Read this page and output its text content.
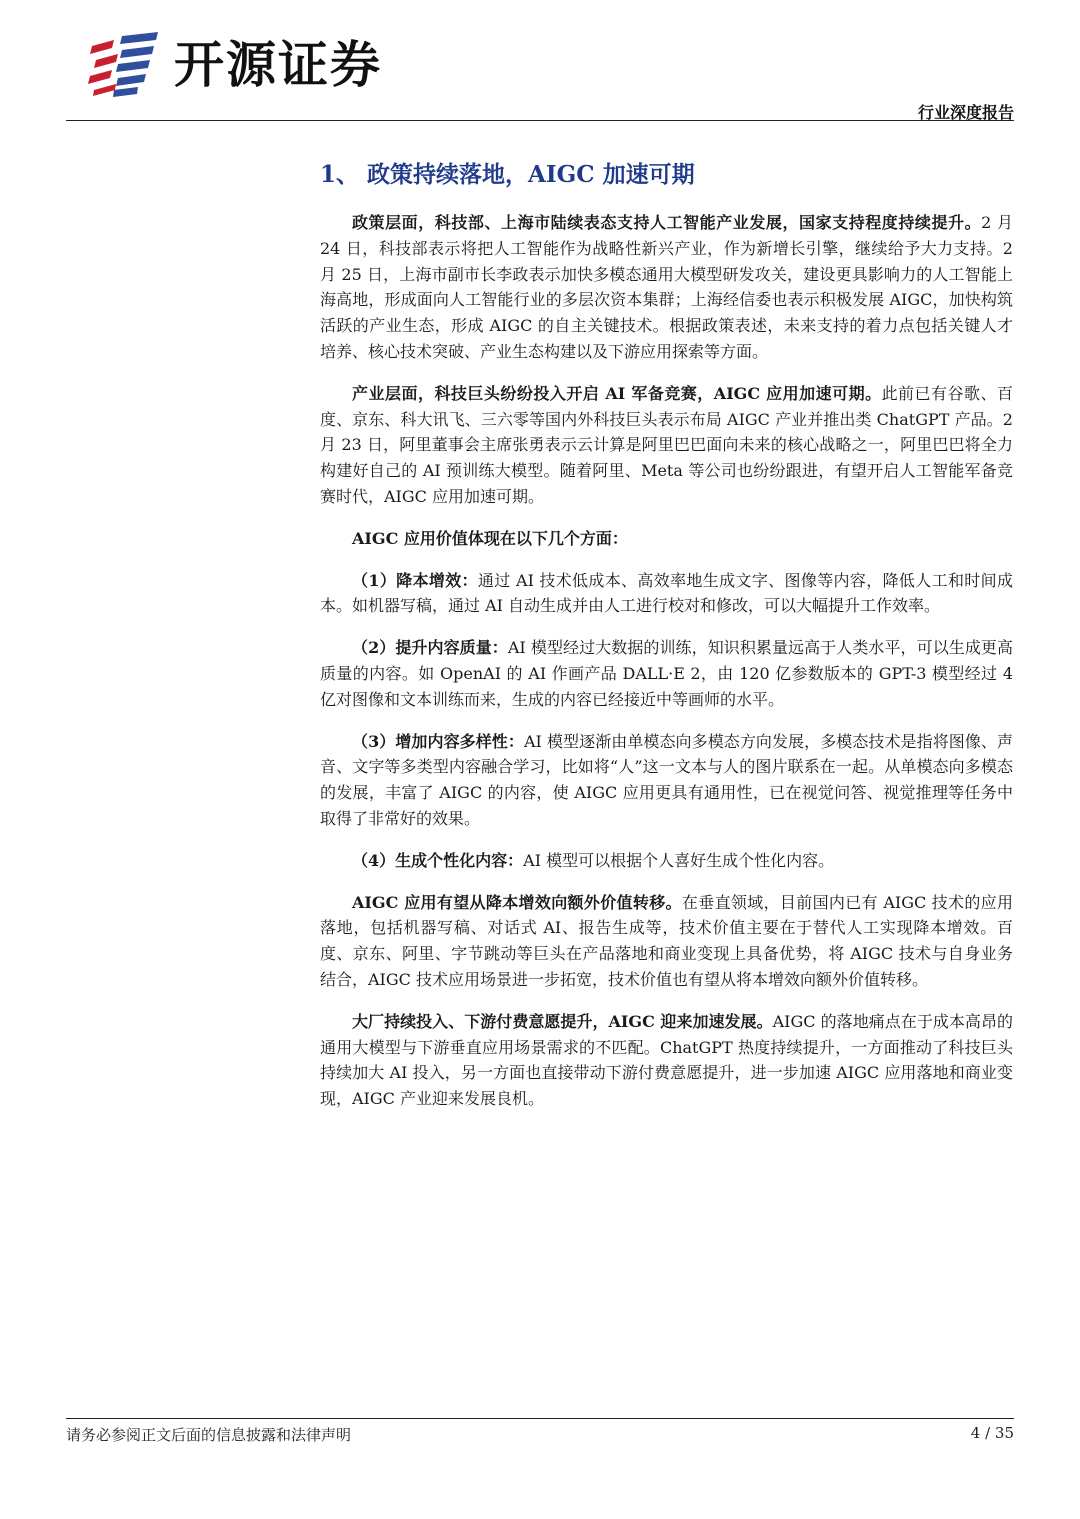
开源证券
行业深度报告
1、 政策持续落地，AIGC 加速可期

政策层面，科技部、上海市陆续表态支持人工智能产业发展，国家支持程度持续提升。2 月 24 日，科技部表示将把人工智能作为战略性新兴产业，作为新增长引擎，继续给予大力支持。2 月 25 日，上海市副市长李政表示加快多模态通用大模型研发攻关，建设更具影响力的人工智能上海高地，形成面向人工智能行业的多层次资本集群；上海经信委也表示积极发展 AIGC，加快构筑活跃的产业生态，形成 AIGC 的自主关键技术。根据政策表述，未来支持的着力点包括关键人才培养、核心技术突破、产业生态构建以及下游应用探索等方面。

产业层面，科技巨头纷纷投入开启 AI 军备竞赛，AIGC 应用加速可期。此前已有谷歌、百度、京东、科大讯飞、三六零等国内外科技巨头表示布局 AIGC 产业并推出类 ChatGPT 产品。2 月 23 日，阿里董事会主席张勇表示云计算是阿里巴巴面向未来的核心战略之一，阿里巴巴将全力构建好自己的 AI 预训练大模型。随着阿里、Meta 等公司也纷纷跟进，有望开启人工智能军备竞赛时代，AIGC 应用加速可期。

AIGC 应用价值体现在以下几个方面：

（1）降本增效：通过 AI 技术低成本、高效率地生成文字、图像等内容，降低人工和时间成本。如机器写稿，通过 AI 自动生成并由人工进行校对和修改，可以大幅提升工作效率。

（2）提升内容质量：AI 模型经过大数据的训练，知识积累量远高于人类水平，可以生成更高质量的内容。如 OpenAI 的 AI 作画产品 DALL·E 2，由 120 亿参数版本的 GPT-3 模型经过 4 亿对图像和文本训练而来，生成的内容已经接近中等画师的水平。

（3）增加内容多样性：AI 模型逐渐由单模态向多模态方向发展，多模态技术是指将图像、声音、文字等多类型内容融合学习，比如将“人”这一文本与人的图片联系在一起。从单模态向多模态的发展，丰富了 AIGC 的内容，使 AIGC 应用更具有通用性，已在视觉问答、视觉推理等任务中取得了非常好的效果。

（4）生成个性化内容：AI 模型可以根据个人喜好生成个性化内容。

AIGC 应用有望从降本增效向额外价值转移。在垂直领域，目前国内已有 AIGC 技术的应用落地，包括机器写稿、对话式 AI、报告生成等，技术价值主要在于替代人工实现降本增效。百度、京东、阿里、字节跳动等巨头在产品落地和商业变现上具备优势，将 AIGC 技术与自身业务结合，AIGC 技术应用场景进一步拓宽，技术价值也有望从将本增效向额外价值转移。

大厂持续投入、下游付费意愿提升，AIGC 迎来加速发展。AIGC 的落地痛点在于成本高昂的通用大模型与下游垂直应用场景需求的不匹配。ChatGPT 热度持续提升，一方面推动了科技巨头持续加大 AI 投入，另一方面也直接带动下游付费意愿提升，进一步加速 AIGC 应用落地和商业变现，AIGC 产业迎来发展良机。

请务必参阅正文后面的信息披露和法律声明	4 / 35
